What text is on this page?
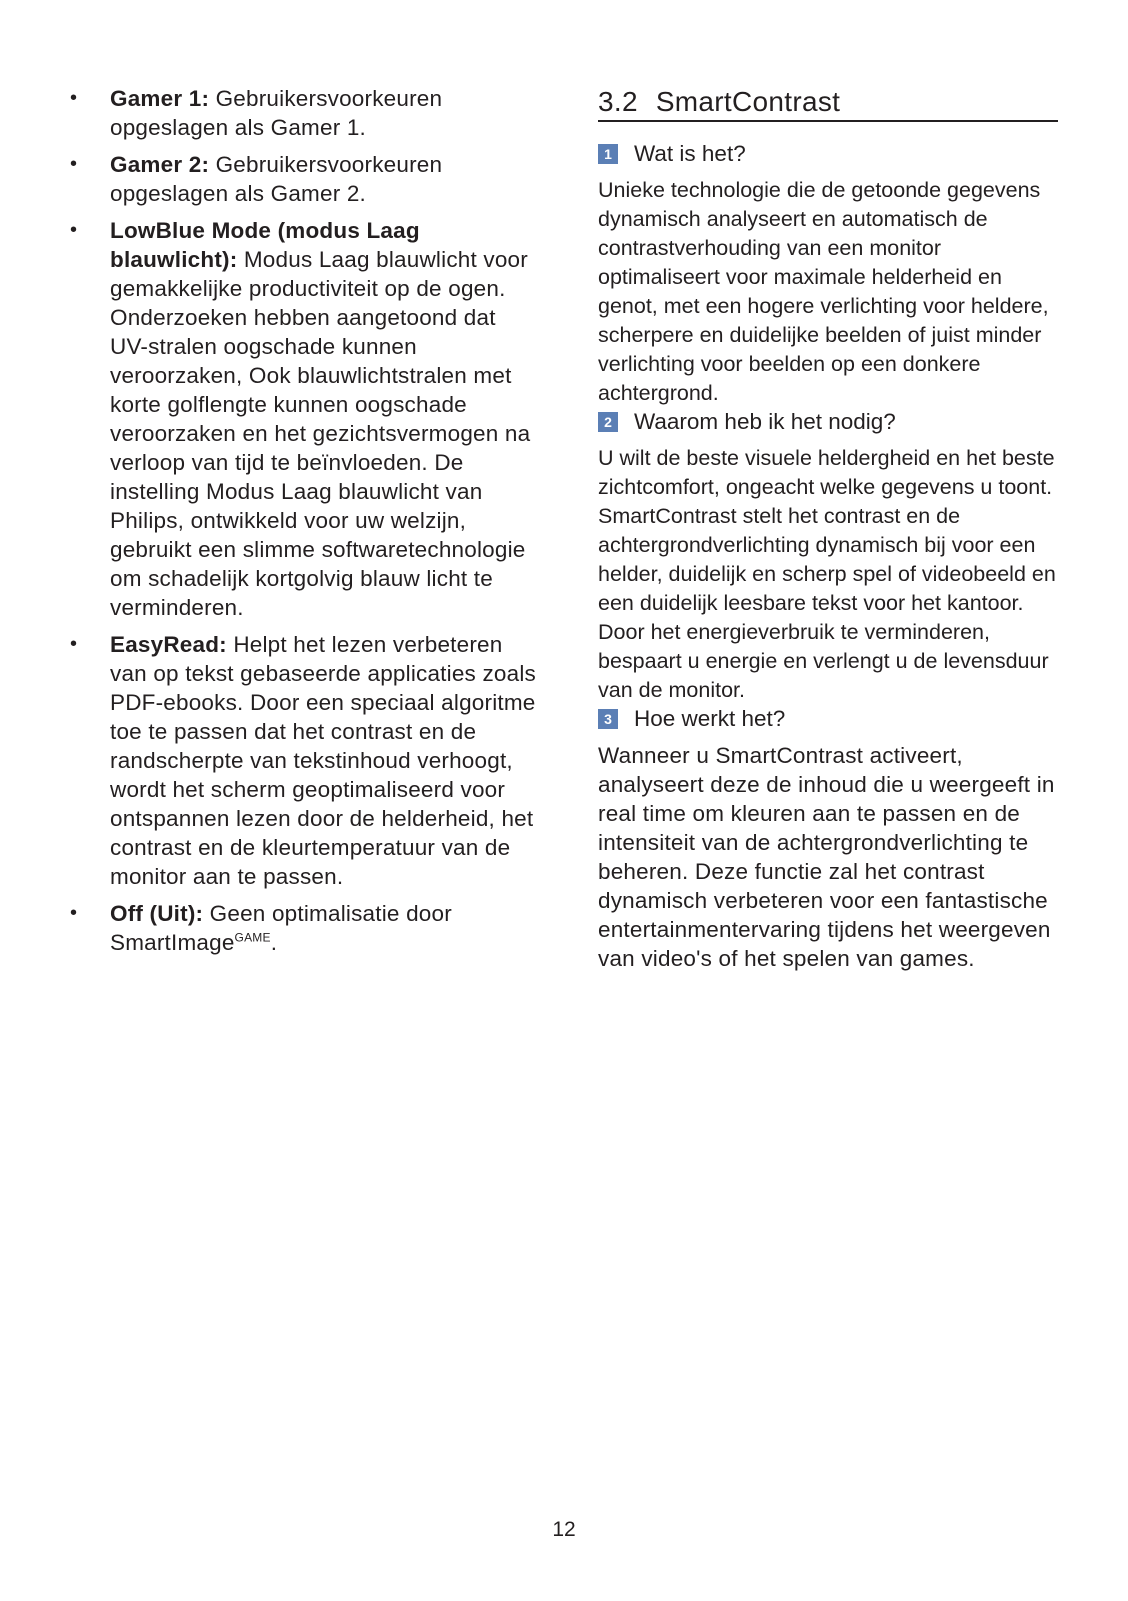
• Gamer 1: Gebruikersvoorkeuren opgeslagen als Gamer 1.
• Gamer 2: Gebruikersvoorkeuren opgeslagen als Gamer 2.
• LowBlue Mode (modus Laag blauwlicht): Modus Laag blauwlicht voor gemakkelijke productiviteit op de ogen. Onderzoeken hebben aangetoond dat UV-stralen oogschade kunnen veroorzaken, Ook blauwlichtstralen met korte golflengte kunnen oogschade veroorzaken en het gezichtsvermogen na verloop van tijd te beïnvloeden. De instelling Modus Laag blauwlicht van Philips, ontwikkeld voor uw welzijn, gebruikt een slimme softwaretechnologie om schadelijk kortgolvig blauw licht te verminderen.
• EasyRead: Helpt het lezen verbeteren van op tekst gebaseerde applicaties zoals PDF-ebooks. Door een speciaal algoritme toe te passen dat het contrast en de randscherpte van tekstinhoud verhoogt, wordt het scherm geoptimaliseerd voor ontspannen lezen door de helderheid, het contrast en de kleurtemperatuur van de monitor aan te passen.
• Off (Uit): Geen optimalisatie door SmartImage$^{GAME}$.
3.2 SmartContrast
1 Wat is het?

Unieke technologie die de getoonde gegevens dynamisch analyseert en automatisch de contrastverhouding van een monitor optimaliseert voor maximale helderheid en genot, met een hogere verlichting voor heldere, scherpere en duidelijke beelden of juist minder verlichting voor beelden op een donkere achtergrond.

2 Waarom heb ik het nodig?

U wilt de beste visuele heldergheid en het beste zichtcomfort, ongeacht welke gegevens u toont. SmartContrast stelt het contrast en de achtergrondverlichting dynamisch bij voor een helder, duidelijk en scherp spel of videobeeld en een duidelijk leesbare tekst voor het kantoor. Door het energieverbruik te verminderen, bespaart u energie en verlengt u de levensduur van de monitor.

3 Hoe werkt het?

Wanneer u SmartContrast activeert, analyseert deze de inhoud die u weergeeft in real time om kleuren aan te passen en de intensiteit van de achtergrondverlichting te beheren. Deze functie zal het contrast dynamisch verbeteren voor een fantastische entertainmentervaring tijdens het weergeven van video's of het spelen van games.

12
